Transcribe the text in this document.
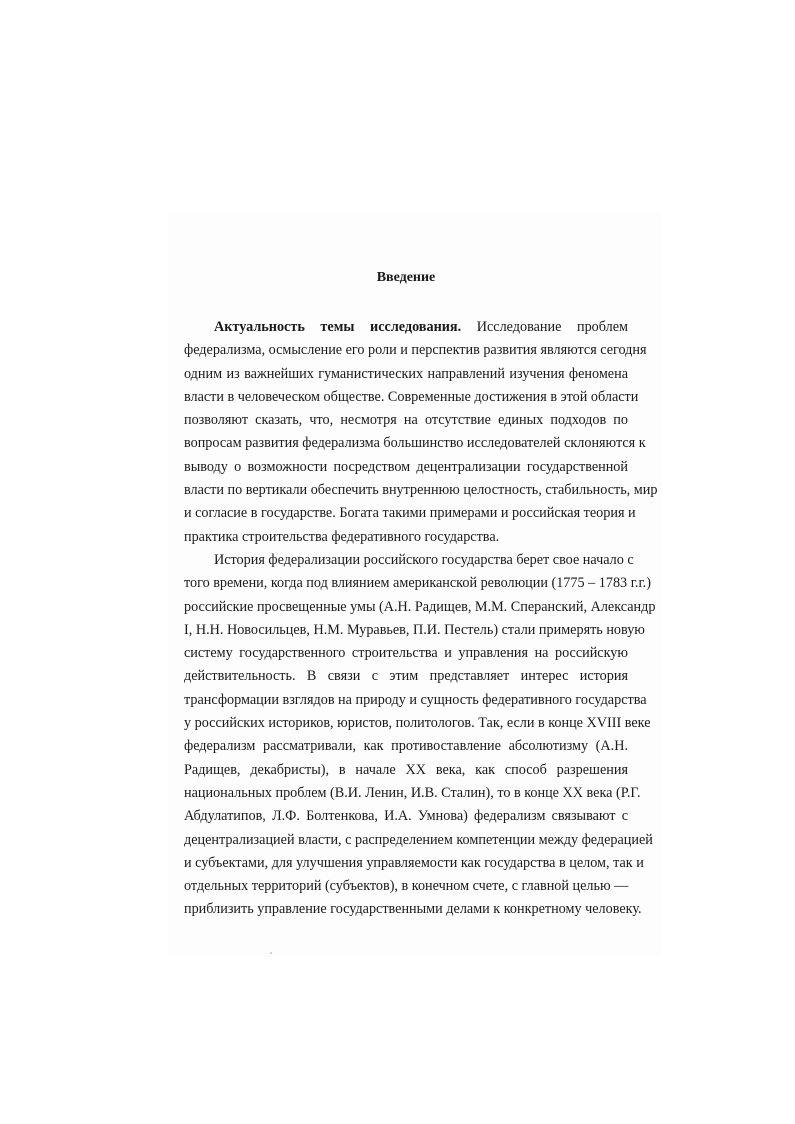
Введение
Актуальность темы исследования. Исследование проблем
федерализма, осмысление его роли и перспектив развития являются сегодня
одним из важнейших гуманистических направлений изучения феномена
власти в человеческом обществе. Современные достижения в этой области
позволяют сказать, что, несмотря на отсутствие единых подходов по
вопросам развития федерализма большинство исследователей склоняются к
выводу о возможности посредством децентрализации государственной
власти по вертикали обеспечить внутреннюю целостность, стабильность, мир
и согласие в государстве. Богата такими примерами и российская теория и
практика строительства федеративного государства.
История федерализации российского государства берет свое начало с
того времени, когда под влиянием американской революции (1775 – 1783 г.г.)
российские просвещенные умы (А.Н. Радищев, М.М. Сперанский, Александр
I, Н.Н. Новосильцев, Н.М. Муравьев, П.И. Пестель) стали примерять новую
систему государственного строительства и управления на российскую
действительность. В связи с этим представляет интерес история
трансформации взглядов на природу и сущность федеративного государства
у российских историков, юристов, политологов. Так, если в конце XVIII веке
федерализм рассматривали, как противоставление абсолютизму (А.Н.
Радищев, декабристы), в начале XX века, как способ разрешения
национальных проблем (В.И. Ленин, И.В. Сталин), то в конце XX века (Р.Г.
Абдулатипов, Л.Ф. Болтенкова, И.А. Умнова) федерализм связывают с
децентрализацией власти, с распределением компетенции между федерацией
и субъектами, для улучшения управляемости как государства в целом, так и
отдельных территорий (субъектов), в конечном счете, с главной целью —
приблизить управление государственными делами к конкретному человеку.
